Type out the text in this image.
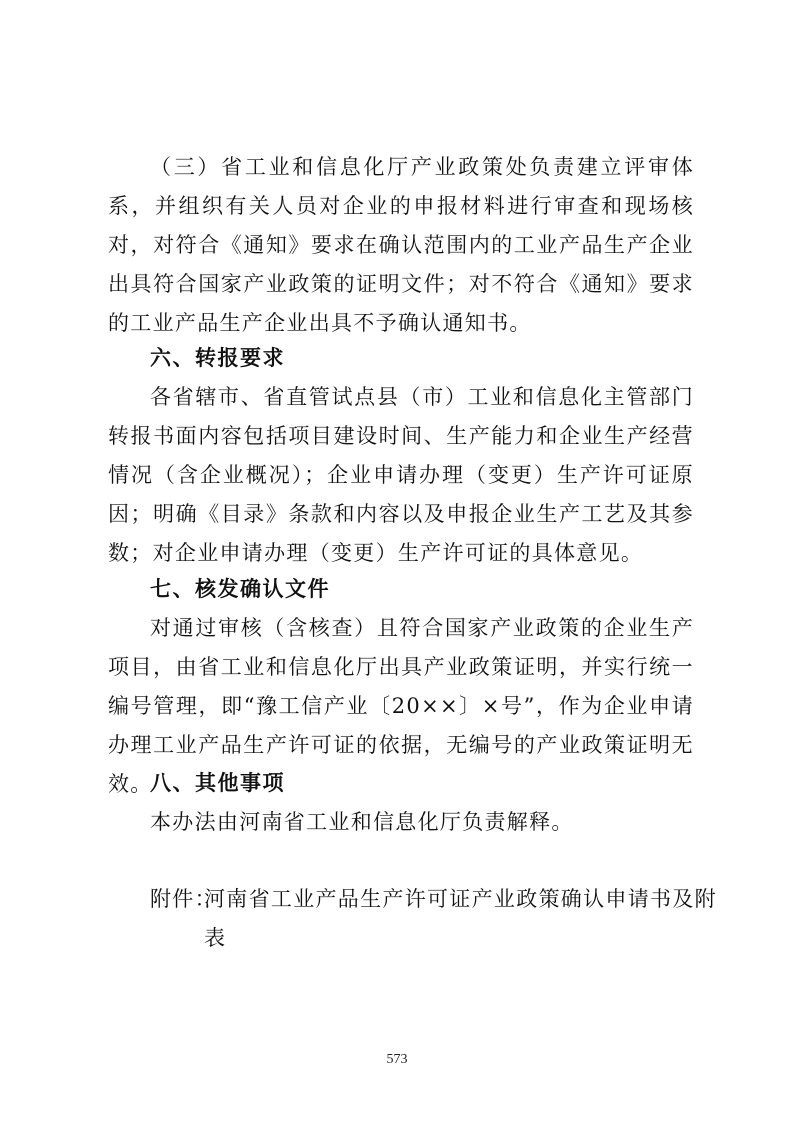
（三）省工业和信息化厅产业政策处负责建立评审体系，并组织有关人员对企业的申报材料进行审查和现场核对，对符合《通知》要求在确认范围内的工业产品生产企业出具符合国家产业政策的证明文件；对不符合《通知》要求的工业产品生产企业出具不予确认通知书。

六、转报要求

各省辖市、省直管试点县（市）工业和信息化主管部门转报书面内容包括项目建设时间、生产能力和企业生产经营情况（含企业概况）；企业申请办理（变更）生产许可证原因；明确《目录》条款和内容以及申报企业生产工艺及其参数；对企业申请办理（变更）生产许可证的具体意见。

七、核发确认文件

对通过审核（含核查）且符合国家产业政策的企业生产项目，由省工业和信息化厅出具产业政策证明，并实行统一编号管理，即“豫工信产业〔20××〕×号”，作为企业申请办理工业产品生产许可证的依据，无编号的产业政策证明无效。

八、其他事项

本办法由河南省工业和信息化厅负责解释。

附件：

河南省工业产品生产许可证产业政策确认申请书及附

表

573
